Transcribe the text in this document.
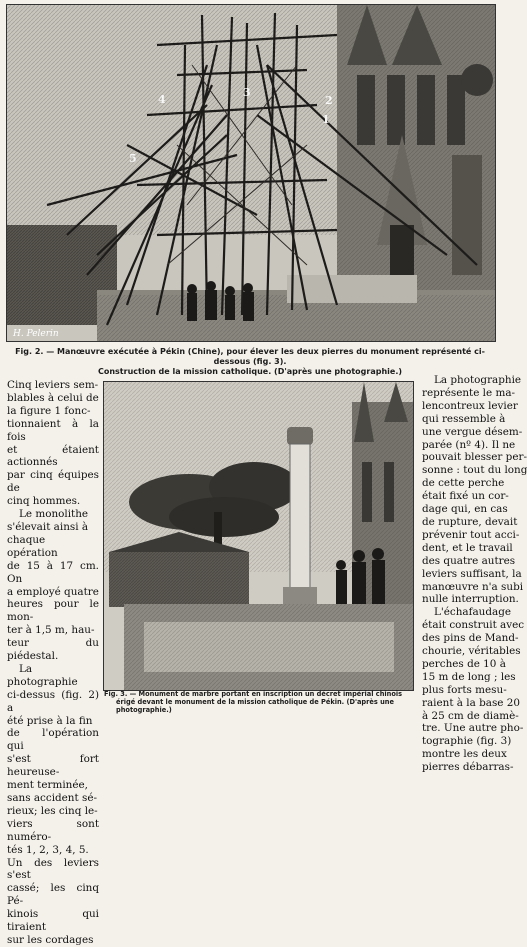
1
2
3
4
5
H. Pelerin
Fig. 2. — Manœuvre exécutée à Pékin (Chine), pour élever les deux pierres du monument représenté ci-dessous (fig. 3).
Construction de la mission catholique. (D'après une photographie.)
Cinq leviers sem-
blables à celui de
la figure 1 fonc-
tionnaient à la fois
et étaient actionnés
par cinq équipes de
cinq hommes.
Le monolithe
s'élevait ainsi à
chaque opération
de 15 à 17 cm. On
a employé quatre
heures pour le mon-
ter à 1,5 m, hau-
teur du piédestal.
La photographie
ci-dessus (fig. 2) a
été prise à la fin
de l'opération qui
s'est fort heureuse-
ment terminée,
sans accident sé-
rieux; les cinq le-
viers sont numéro-
tés 1, 2, 3, 4, 5.
Un des leviers s'est
cassé; les cinq Pé-
kinois qui tiraient
sur les cordages
Fig. 3. — Monument de marbre portant en inscription un décret impérial chinois
érigé devant le monument de la mission catholique de Pékin. (D'après une
photographie.)
La photographie
représente le ma-
lencontreux levier
qui ressemble à
une vergue désem-
parée (nº 4). Il ne
pouvait blesser per-
sonne : tout du long
de cette perche
était fixé un cor-
dage qui, en cas
de rupture, devait
prévenir tout acci-
dent, et le travail
des quatre autres
leviers suffisant, la
manœuvre n'a subi
nulle interruption.
L'échafaudage
était construit avec
des pins de Mand-
chourie, véritables
perches de 10 à
15 m de long ; les
plus forts mesu-
raient à la base 20
à 25 cm de diamè-
tre. Une autre pho-
tographie (fig. 3)
montre les deux
pierres débarras-
